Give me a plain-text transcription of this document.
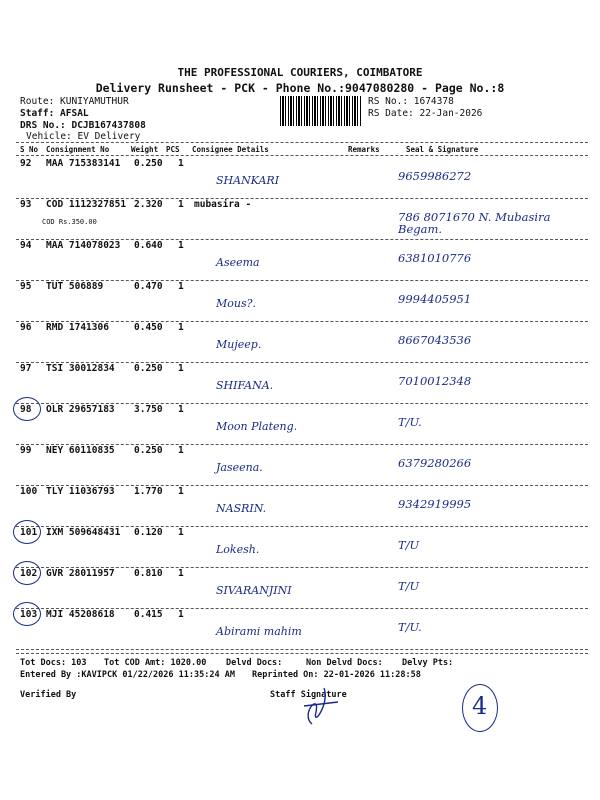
THE PROFESSIONAL COURIERS, COIMBATORE
Delivery Runsheet - PCK - Phone No.:9047080280 - Page No.:8
Route: KUNIYAMUTHUR
Staff: AFSAL
DRS No.: DCJB167437808
Vehicle: EV Delivery
RS No.: 1674378
RS Date: 22-Jan-2026
S No Consignment No	Weight PCS Consignee Details	Remarks	Seal & Signature
92 MAA 715383141 0.250 1
SHANKARI	9659986272
93 COD 1112327851 2.320 1 mubasira -
COD Rs.350.00	786 8071670 N. Mubasira Begam.
94 MAA 714078023 0.640 1
Aseema	6381010776
95 TUT 506889	0.470 1
Mous?.	9994405951
96 RMD 1741306	0.450 1
Mujeep.	8667043536
97 TSI 30012834 0.250 1
SHIFANA.	7010012348
98 OLR 29657183 3.750 1
Moon Plateng.	T/U.
99 NEY 60110835 0.250 1
Jaseena.	6379280266
100 TLY 11036793 1.770 1
NASRIN.	9342919995
101 IXM 509648431 0.120 1
Lokesh.	T/U
102 GVR 28011957 0.810 1
SIVARANJINI	T/U
103 MJI 45208618 0.415 1
Abirami mahim	T/U.
Tot Docs: 103 Tot COD Amt: 1020.00 Delvd Docs:	Non Delvd Docs: Delvy Pts:
Entered By :KAVIPCK 01/22/2026 11:35:24 AM Reprinted On: 22-01-2026 11:28:58
Verified By	Staff Signature	4
